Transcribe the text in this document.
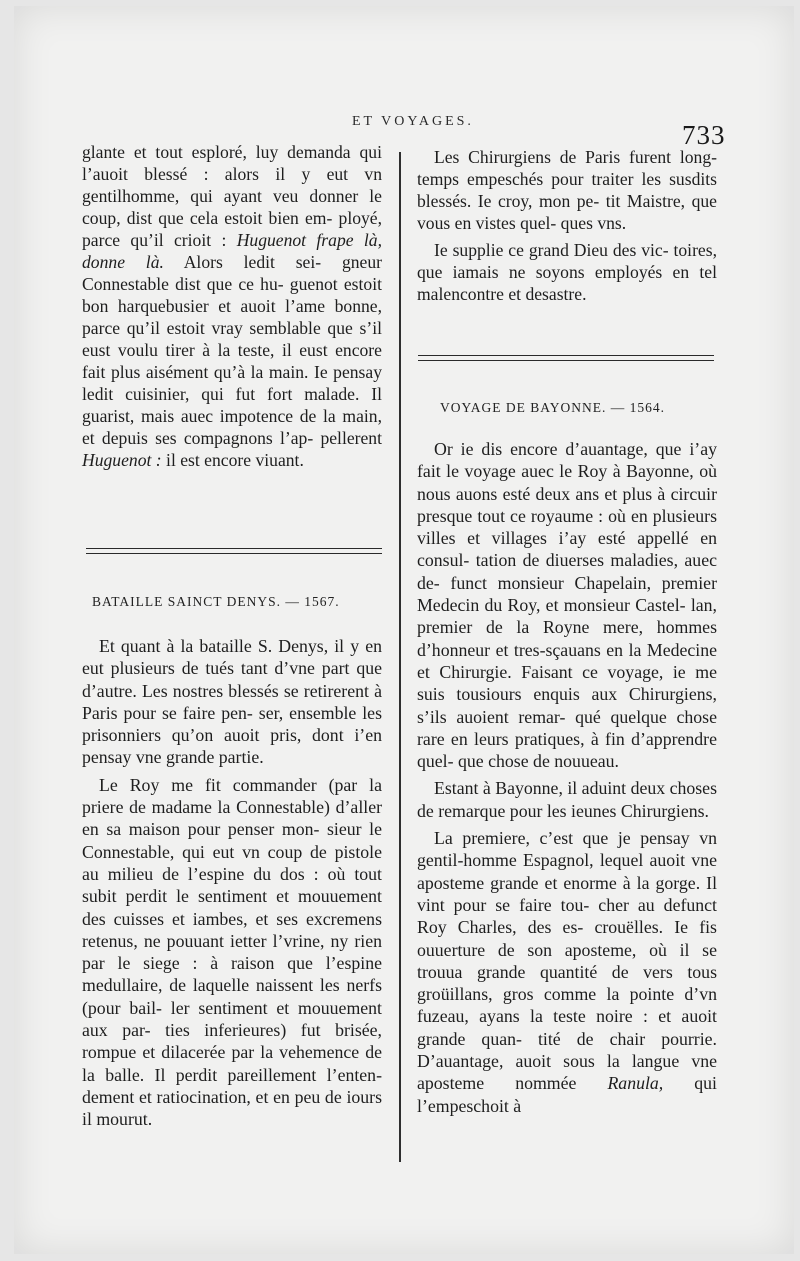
ET VOYAGES.	733

glante et tout esploré, luy demanda qui l’auoit blessé : alors il y eut vn gentilhomme, qui ayant veu donner le coup, dist que cela estoit bien em- ployé, parce qu’il crioit : Huguenot frape là, donne là. Alors ledit sei- gneur Connestable dist que ce hu- guenot estoit bon harquebusier et auoit l’ame bonne, parce qu’il estoit vray semblable que s’il eust voulu tirer à la teste, il eust encore fait plus aisément qu’à la main. Ie pensay ledit cuisinier, qui fut fort malade. Il guarist, mais auec impotence de la main, et depuis ses compagnons l’ap- pellerent Huguenot : il est encore viuant.

BATAILLE SAINCT DENYS. — 1567.

Et quant à la bataille S. Denys, il y en eut plusieurs de tués tant d’vne part que d’autre. Les nostres blessés se retirerent à Paris pour se faire pen- ser, ensemble les prisonniers qu’on auoit pris, dont i’en pensay vne grande partie.

Le Roy me fit commander (par la priere de madame la Connestable) d’aller en sa maison pour penser mon- sieur le Connestable, qui eut vn coup de pistole au milieu de l’espine du dos : où tout subit perdit le sentiment et mouuement des cuisses et iambes, et ses excremens retenus, ne pouuant ietter l’vrine, ny rien par le siege : à raison que l’espine medullaire, de laquelle naissent les nerfs (pour bail- ler sentiment et mouuement aux par- ties inferieures) fut brisée, rompue et dilacerée par la vehemence de la balle. Il perdit pareillement l’enten- dement et ratiocination, et en peu de iours il mourut.

Les Chirurgiens de Paris furent long-temps empeschés pour traiter les susdits blessés. Ie croy, mon pe- tit Maistre, que vous en vistes quel- ques vns.

Ie supplie ce grand Dieu des vic- toires, que iamais ne soyons employés en tel malencontre et desastre.

VOYAGE DE BAYONNE. — 1564.

Or ie dis encore d’auantage, que i’ay fait le voyage auec le Roy à Bayonne, où nous auons esté deux ans et plus à circuir presque tout ce royaume : où en plusieurs villes et villages i’ay esté appellé en consul- tation de diuerses maladies, auec de- funct monsieur Chapelain, premier Medecin du Roy, et monsieur Castel- lan, premier de la Royne mere, hommes d’honneur et tres-sçauans en la Medecine et Chirurgie. Faisant ce voyage, ie me suis tousiours enquis aux Chirurgiens, s’ils auoient remar- qué quelque chose rare en leurs pratiques, à fin d’apprendre quel- que chose de nouueau.

Estant à Bayonne, il aduint deux choses de remarque pour les ieunes Chirurgiens.

La premiere, c’est que je pensay vn gentil-homme Espagnol, lequel auoit vne aposteme grande et enorme à la gorge. Il vint pour se faire tou- cher au defunct Roy Charles, des es- crouëlles. Ie fis ouuerture de son aposteme, où il se trouua grande quantité de vers tous groüillans, gros comme la pointe d’vn fuzeau, ayans la teste noire : et auoit grande quan- tité de chair pourrie. D’auantage, auoit sous la langue vne aposteme nommée Ranula, qui l’empeschoit à
